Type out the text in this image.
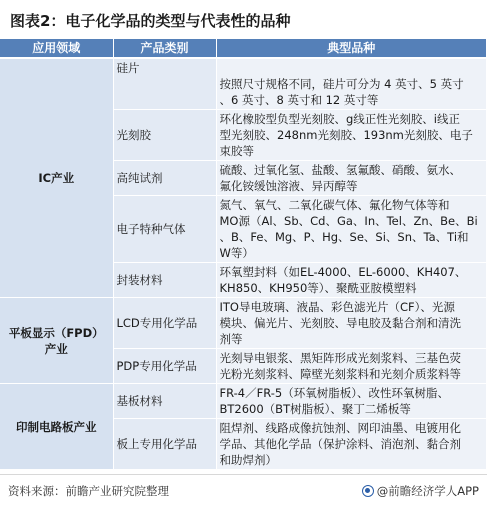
图表2：电子化学品的类型与代表性的品种
应用领域	产品类别	典型品种
IC产业	硅片	按照尺寸规格不同，硅片可分为 4 英寸、5 英寸
、6 英寸、8 英寸和 12 英寸等
	光刻胶	环化橡胶型负型光刻胶、g线正性光刻胶、i线正
型光刻胶、248nm光刻胶、193nm光刻胶、电子
束胶等
	高纯试剂	硫酸、过氧化氢、盐酸、氢氟酸、硝酸、氨水、
氟化铵缓蚀溶液、异丙醇等
	电子特种气体	氮气、氧气、二氧化碳气体、氟化物气体等和
MO源（Al、Sb、Cd、Ga、In、Tel、Zn、Be、Bi
、B、Fe、Mg、P、Hg、Se、Si、Sn、Ta、Ti和
W等）
	封装材料	环氧塑封料（如EL-4000、EL-6000、KH407、
KH850、KH950等）、聚酰亚胺模塑料
平板显示（FPD）
产业	LCD专用化学品	ITO导电玻璃、液晶、彩色滤光片（CF）、光源
模块、偏光片、光刻胶、导电胶及黏合剂和清洗
剂等
	PDP专用化学品	光刻导电银浆、黑矩阵形成光刻浆料、三基色荧
光粉光刻浆料、障壁光刻浆料和光刻介质浆料等
印制电路板产业	基板材料	FR-4／FR-5（环氧树脂板）、改性环氧树脂、
BT2600（BT树脂板）、聚丁二烯板等
	板上专用化学品	阻焊剂、线路成像抗蚀剂、网印油墨、电镀用化
学品、其他化学品（保护涂料、消泡剂、黏合剂
和助焊剂）
资料来源：前瞻产业研究院整理	@前瞻经济学人APP
